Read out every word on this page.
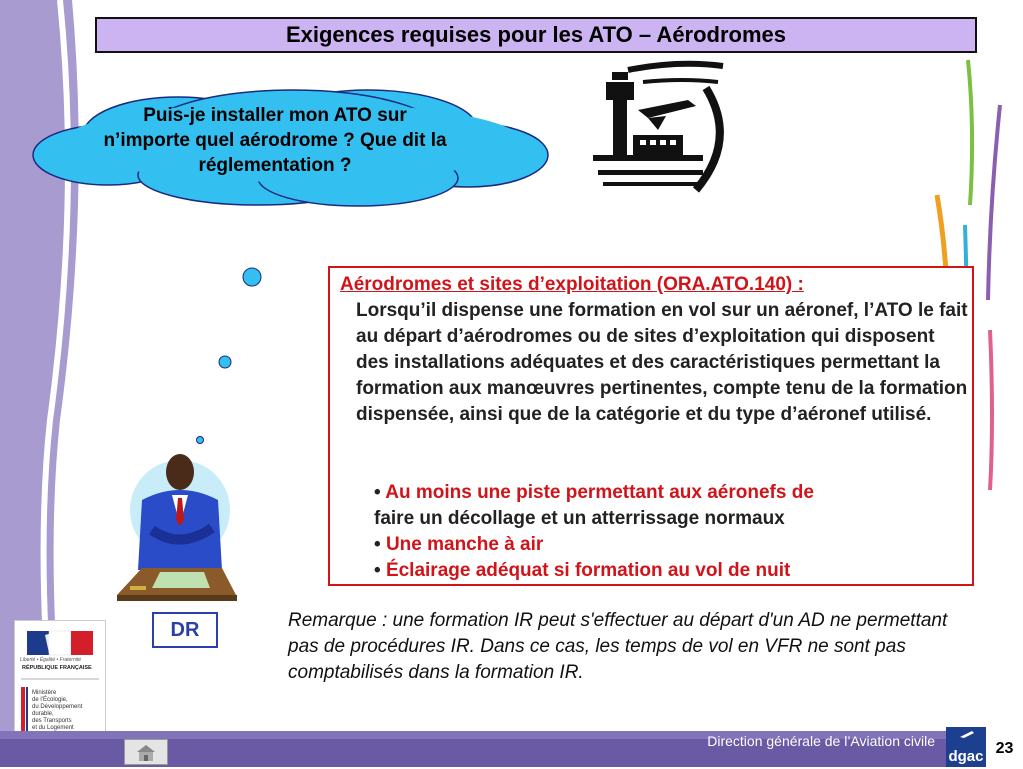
Exigences requises pour les ATO – Aérodromes
Puis-je installer mon ATO sur n’importe quel aérodrome ? Que dit la réglementation ?
Aérodromes et sites d’exploitation (ORA.ATO.140) :
Lorsqu’il dispense une formation en vol sur un aéronef, l’ATO le fait au départ d’aérodromes ou de sites d’exploitation qui disposent des installations adéquates et des caractéristiques permettant la formation aux manœuvres pertinentes, compte tenu de la formation dispensée, ainsi que de la catégorie et du type d’aéronef utilisé.
• Au moins une piste permettant aux aéronefs de
faire un décollage et un atterrissage normaux
• Une manche à air
• Éclairage adéquat si formation au vol de nuit
DR	Remarque : une formation IR peut s'effectuer au départ d'un AD ne permettant pas de procédures IR. Dans ce cas, les temps de vol en VFR ne sont pas comptabilisés dans la formation IR.
Liberté • Égalité • Fraternité
RÉPUBLIQUE FRANÇAISE
Ministère
de l’Écologie,
du Développement
durable,
des Transports
et du Logement
Direction générale de l’Aviation civile
dgac 23
